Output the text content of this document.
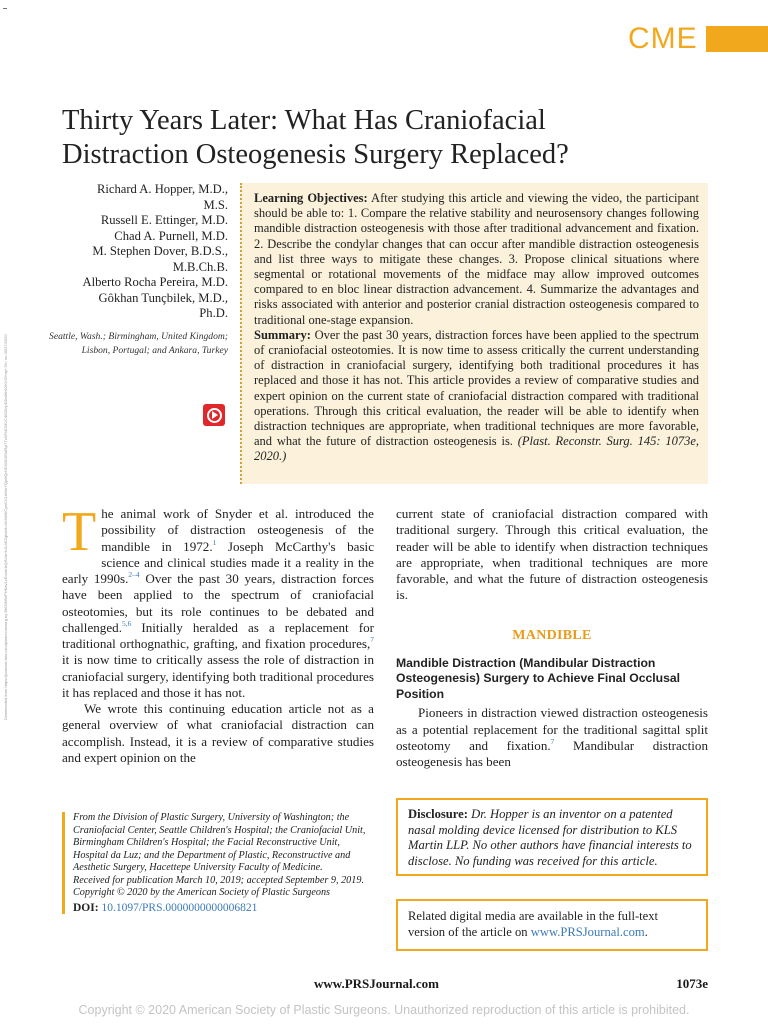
CME
Thirty Years Later: What Has Craniofacial
Distraction Osteogenesis Surgery Replaced?
Richard A. Hopper, M.D.,
M.S.
Russell E. Ettinger, M.D.
Chad A. Purnell, M.D.
M. Stephen Dover, B.D.S.,
M.B.Ch.B.
Alberto Rocha Pereira, M.D.
Gôkhan Tunçbilek, M.D.,
Ph.D.
Seattle, Wash.; Birmingham, United Kingdom; Lisbon, Portugal; and Ankara, Turkey
Downloaded from https://journals.lww.com/plasreconsurg by BhDMf5ePHKav1zEoum1tQfN4a+kJLhEZgbsIHo4XMi0hCywCX1AWnYQp/IlQrHD3i3D0OdRyi7TvSFl4Cf3VC4/OAVpDDa8KKGKV0Ymy+78= on 05/27/2020

Learning Objectives: After studying this article and viewing the video, the participant should be able to: 1. Compare the relative stability and neurosensory changes following mandible distraction osteogenesis with those after traditional advancement and fixation. 2. Describe the condylar changes that can occur after mandible distraction osteogenesis and list three ways to mitigate these changes. 3. Propose clinical situations where segmental or rotational movements of the midface may allow improved outcomes compared to en bloc linear distraction advancement. 4. Summarize the advantages and risks associated with anterior and posterior cranial distraction osteogenesis compared to traditional one-stage expansion.

Summary: Over the past 30 years, distraction forces have been applied to the spectrum of craniofacial osteotomies. It is now time to assess critically the current understanding of distraction in craniofacial surgery, identifying both traditional procedures it has replaced and those it has not. This article provides a review of comparative studies and expert opinion on the current state of craniofacial distraction compared with traditional operations. Through this critical evaluation, the reader will be able to identify when distraction techniques are appropriate, when traditional techniques are more favorable, and what the future of distraction osteogenesis is. (Plast. Reconstr. Surg. 145: 1073e, 2020.)

The animal work of Snyder et al. introduced the possibility of distraction osteogenesis of the mandible in 1972.$^1$ Joseph McCarthy's basic science and clinical studies made it a reality in the early 1990s.$^{2-4}$ Over the past 30 years, distraction forces have been applied to the spectrum of craniofacial osteotomies, but its role continues to be debated and challenged.$^{5,6}$ Initially heralded as a replacement for traditional orthognathic, grafting, and fixation procedures,$^7$ it is now time to critically assess the role of distraction in craniofacial surgery, identifying both traditional procedures it has replaced and those it has not.

We wrote this continuing education article not as a general overview of what craniofacial distraction can accomplish. Instead, it is a review of comparative studies and expert opinion on the

current state of craniofacial distraction compared with traditional surgery. Through this critical evaluation, the reader will be able to identify when distraction techniques are appropriate, when traditional techniques are more favorable, and what the future of distraction osteogenesis is.

MANDIBLE
Mandible Distraction (Mandibular Distraction Osteogenesis) Surgery to Achieve Final Occlusal Position

Pioneers in distraction viewed distraction osteogenesis as a potential replacement for the traditional sagittal split osteotomy and fixation.$^7$ Mandibular distraction osteogenesis has been

From the Division of Plastic Surgery, University of Washington; the Craniofacial Center, Seattle Children's Hospital; the Craniofacial Unit, Birmingham Children's Hospital; the Facial Reconstructive Unit, Hospital da Luz; and the Department of Plastic, Reconstructive and Aesthetic Surgery, Hacettepe University Faculty of Medicine.

Received for publication March 10, 2019; accepted September 9, 2019.

Copyright © 2020 by the American Society of Plastic Surgeons

DOI: 10.1097/PRS.0000000000006821

Disclosure: Dr. Hopper is an inventor on a patented nasal molding device licensed for distribution to KLS Martin LLP. No other authors have financial interests to disclose. No funding was received for this article.
Related digital media are available in the full-text version of the article on www.PRSJournal.com.
www.PRSJournal.com	1073e
Copyright © 2020 American Society of Plastic Surgeons. Unauthorized reproduction of this article is prohibited.
